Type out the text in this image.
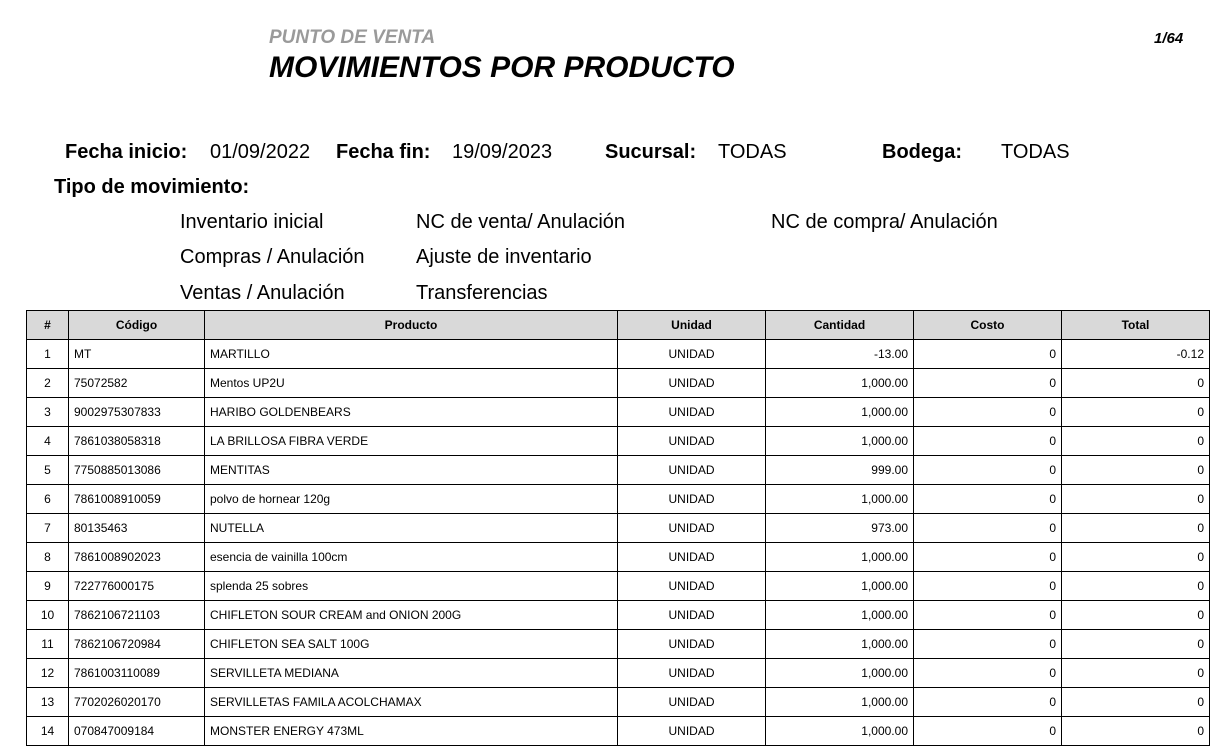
PUNTO DE VENTA
MOVIMIENTOS POR PRODUCTO
1/64
Fecha inicio: 01/09/2022 Fecha fin: 19/09/2023	Sucursal: TODAS	Bodega: TODAS
Tipo de movimiento:
Inventario inicial	NC de venta/ Anulación	NC de compra/ Anulación
Compras / Anulación	Ajuste de inventario
Ventas / Anulación	Transferencias
#	Código	Producto	Unidad	Cantidad	Costo	Total
1	MT	MARTILLO	UNIDAD	-13.00	0	-0.12
2	75072582	Mentos UP2U	UNIDAD	1,000.00	0	0
3	9002975307833	HARIBO GOLDENBEARS	UNIDAD	1,000.00	0	0
4	7861038058318	LA BRILLOSA FIBRA VERDE	UNIDAD	1,000.00	0	0
5	7750885013086	MENTITAS	UNIDAD	999.00	0	0
6	7861008910059	polvo de hornear 120g	UNIDAD	1,000.00	0	0
7	80135463	NUTELLA	UNIDAD	973.00	0	0
8	7861008902023	esencia de vainilla 100cm	UNIDAD	1,000.00	0	0
9	722776000175	splenda 25 sobres	UNIDAD	1,000.00	0	0
10	7862106721103	CHIFLETON SOUR CREAM and ONION 200G	UNIDAD	1,000.00	0	0
11	7862106720984	CHIFLETON SEA SALT 100G	UNIDAD	1,000.00	0	0
12	7861003110089	SERVILLETA MEDIANA	UNIDAD	1,000.00	0	0
13	7702026020170	SERVILLETAS FAMILA ACOLCHAMAX	UNIDAD	1,000.00	0	0
14	070847009184	MONSTER ENERGY 473ML	UNIDAD	1,000.00	0	0
